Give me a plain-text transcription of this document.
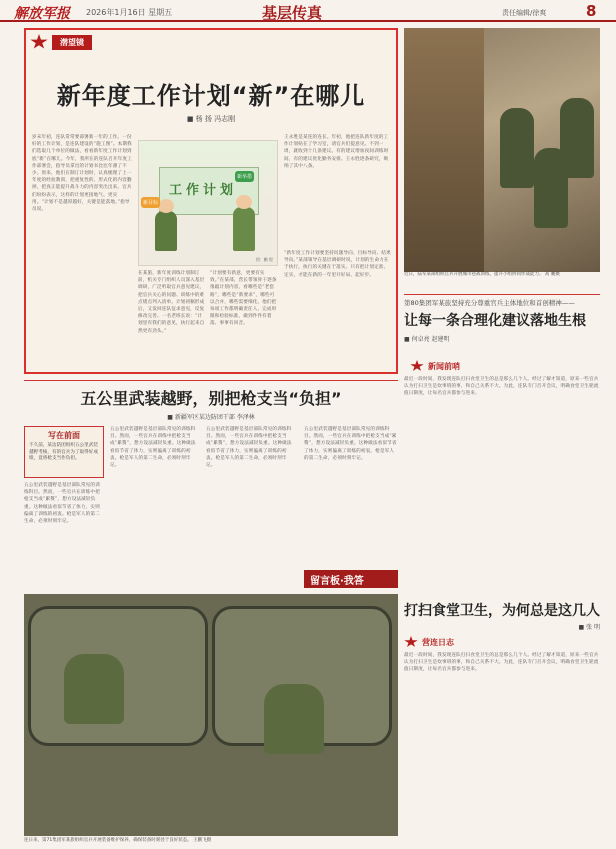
解放军报 2026年1月16日 星期五	基层传真	责任编辑/徐爽	8
潜望镜
新年度工作计划“新”在哪儿
■ 杨 扬 冯志刚

岁末年初，连队常常要部署新一年的工作。一份好的工作计划，是连队建设的“施工图”。本期我们选取几个单位的做法，看看新年度工作计划到底“新”在哪儿。今年，我所在的连队召开年度工作部署会，指导员拿出的计划书比往年薄了不少。原来，他们在制订计划时，认真梳理了上一年度的经验教训，把重复性的、形式化的内容删掉，把真正能提升战斗力的内容突出出来。官兵们纷纷表示，这样的计划更接地气、更实用。“计划不是越厚越好，关键是能落地。”指导员说。

在某旅，新年度训练计划制订前，机关专门组织人员深入基层调研，广泛听取官兵意见建议，把官兵关心的问题、训练中的难点堵点列入清单。计划初稿形成后，又发回连队征求意见，反复修改完善。一名老班长说：“计划里有我们的意见，执行起来自然更有劲头。”

“计划要有新意，更要有实效。”在某部，营长带领骨干逐条推敲计划内容，看哪些是“老套路”，哪些是“新要求”，哪些可以合并，哪些需要细化。他们把每项工作都明确责任人、完成时限和检验标准，做到件件有着落、事事有回音。

王永胜是某连的连长。年初，他把连队新年度的工作计划贴在了学习室，请官兵们提意见。不到一周，就收到十几条建议。有的建议增加夜间训练时间，有的建议优化勤务安排。王永胜逐条研究，吸纳了其中八条。

“新年度工作计划要坚持问题导向、目标导向、结果导向。”某部领导在基层调研时说，计划的生命力在于执行，执行的关键在于落实。只有把计划定准、定实，才能在新的一年里开好局、起好步。

工作计划
新目标
新举措
图：鹏 程
近日，陆军某部组织官兵开展城市巷战训练，提升小组协同作战能力。 高 鹏摄
第80集团军某旅坚持充分尊重官兵主体地位和首创精神——
让每一条合理化建议落地生根
■ 何卓亮 赵建明
新闻前哨

最近一段时间，我发现连队打扫食堂卫生的总是那么几个人。经过了解才知道，原来一些官兵认为打扫卫生是炊事班的事，和自己关系不大。为此，连队专门召开会议，明确食堂卫生轮流值日制度，让每名官兵都参与进来。

五公里武装越野，别把枪支当“负担”
■ 新疆军区某边防团干部 李泽林
写在前面
不久前，某边防团组织五公里武装越野考核，有的官兵为了取得好成绩，竟将枪支当作负担。

五公里武装越野是基层部队常见的训练科目。然而，一些官兵在训练中把枪支当成“累赘”，想方设法减轻负重。这种做法看似节省了体力，实则偏离了训练的初衷。枪是军人的第二生命，必须时刻牢记。

五公里武装越野是基层部队常见的训练科目。然而，一些官兵在训练中把枪支当成“累赘”，想方设法减轻负重。这种做法看似节省了体力，实则偏离了训练的初衷。枪是军人的第二生命，必须时刻牢记。

五公里武装越野是基层部队常见的训练科目。然而，一些官兵在训练中把枪支当成“累赘”，想方设法减轻负重。这种做法看似节省了体力，实则偏离了训练的初衷。枪是军人的第二生命，必须时刻牢记。

五公里武装越野是基层部队常见的训练科目。然而，一些官兵在训练中把枪支当成“累赘”，想方设法减轻负重。这种做法看似节省了体力，实则偏离了训练的初衷。枪是军人的第二生命，必须时刻牢记。

留言板·我答
连日来，第71集团军某旅组织官兵开展装备维护保养，确保装备时刻处于良好状态。 王鹏飞摄
打扫食堂卫生，为何总是这几人
■ 张 明
营连日志

最近一段时间，我发现连队打扫食堂卫生的总是那么几个人。经过了解才知道，原来一些官兵认为打扫卫生是炊事班的事，和自己关系不大。为此，连队专门召开会议，明确食堂卫生轮流值日制度，让每名官兵都参与进来。
